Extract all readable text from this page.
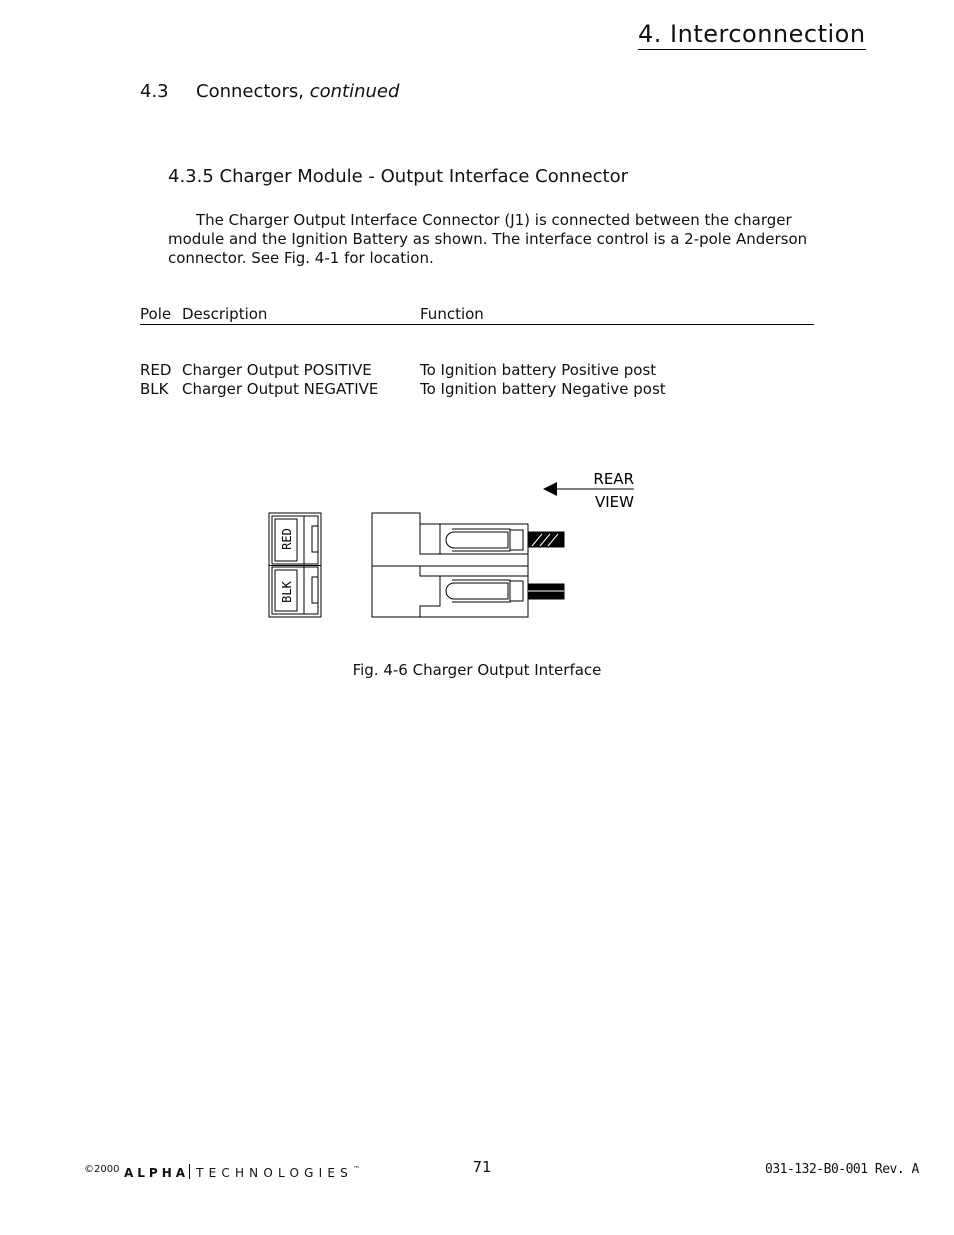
4. Interconnection
4.3 Connectors, continued
4.3.5 Charger Module - Output Interface Connector

The Charger Output Interface Connector (J1) is connected between the charger module and the Ignition Battery as shown. The interface control is a 2-pole Anderson connector. See Fig. 4-1 for location.

Pole Description	Function
RED Charger Output POSITIVE	To Ignition battery Positive post
BLK Charger Output NEGATIVE	To Ignition battery Negative post
RED
BLK
REAR
VIEW
Fig. 4-6 Charger Output Interface
©2000 ALPHA TECHNOLOGIES™	71	031-132-B0-001 Rev. A
